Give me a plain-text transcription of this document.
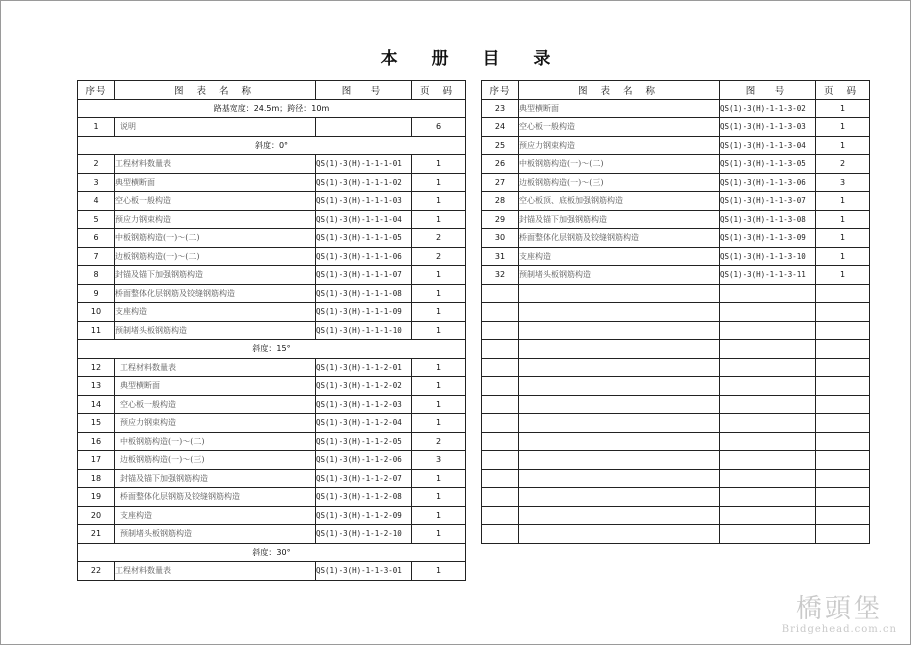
本 册 目 录
序号	图 表 名 称	图　号	页 码
路基宽度：24.5m；跨径：10m			
1	说明		6
斜度：0°			
2	工程材料数量表	QS(1)-3(H)-1-1-1-01	1
3	典型横断面	QS(1)-3(H)-1-1-1-02	1
4	空心板一般构造	QS(1)-3(H)-1-1-1-03	1
5	预应力钢束构造	QS(1)-3(H)-1-1-1-04	1
6	中板钢筋构造(一)～(二)	QS(1)-3(H)-1-1-1-05	2
7	边板钢筋构造(一)～(二)	QS(1)-3(H)-1-1-1-06	2
8	封锚及锚下加强钢筋构造	QS(1)-3(H)-1-1-1-07	1
9	桥面整体化层钢筋及铰缝钢筋构造	QS(1)-3(H)-1-1-1-08	1
10	支座构造	QS(1)-3(H)-1-1-1-09	1
11	预制堵头板钢筋构造	QS(1)-3(H)-1-1-1-10	1
斜度：15°			
12	工程材料数量表	QS(1)-3(H)-1-1-2-01	1
13	典型横断面	QS(1)-3(H)-1-1-2-02	1
14	空心板一般构造	QS(1)-3(H)-1-1-2-03	1
15	预应力钢束构造	QS(1)-3(H)-1-1-2-04	1
16	中板钢筋构造(一)～(二)	QS(1)-3(H)-1-1-2-05	2
17	边板钢筋构造(一)～(三)	QS(1)-3(H)-1-1-2-06	3
18	封锚及锚下加强钢筋构造	QS(1)-3(H)-1-1-2-07	1
19	桥面整体化层钢筋及铰缝钢筋构造	QS(1)-3(H)-1-1-2-08	1
20	支座构造	QS(1)-3(H)-1-1-2-09	1
21	预制堵头板钢筋构造	QS(1)-3(H)-1-1-2-10	1
斜度：30°			
22	工程材料数量表	QS(1)-3(H)-1-1-3-01	1
序号	图 表 名 称	图　号	页 码
23	典型横断面	QS(1)-3(H)-1-1-3-02	1
24	空心板一般构造	QS(1)-3(H)-1-1-3-03	1
25	预应力钢束构造	QS(1)-3(H)-1-1-3-04	1
26	中板钢筋构造(一)～(二)	QS(1)-3(H)-1-1-3-05	2
27	边板钢筋构造(一)～(三)	QS(1)-3(H)-1-1-3-06	3
28	空心板顶、底板加强钢筋构造	QS(1)-3(H)-1-1-3-07	1
29	封锚及锚下加强钢筋构造	QS(1)-3(H)-1-1-3-08	1
30	桥面整体化层钢筋及铰缝钢筋构造	QS(1)-3(H)-1-1-3-09	1
31	支座构造	QS(1)-3(H)-1-1-3-10	1
32	预制堵头板钢筋构造	QS(1)-3(H)-1-1-3-11	1

橋頭堡
Bridgehead.com.cn
